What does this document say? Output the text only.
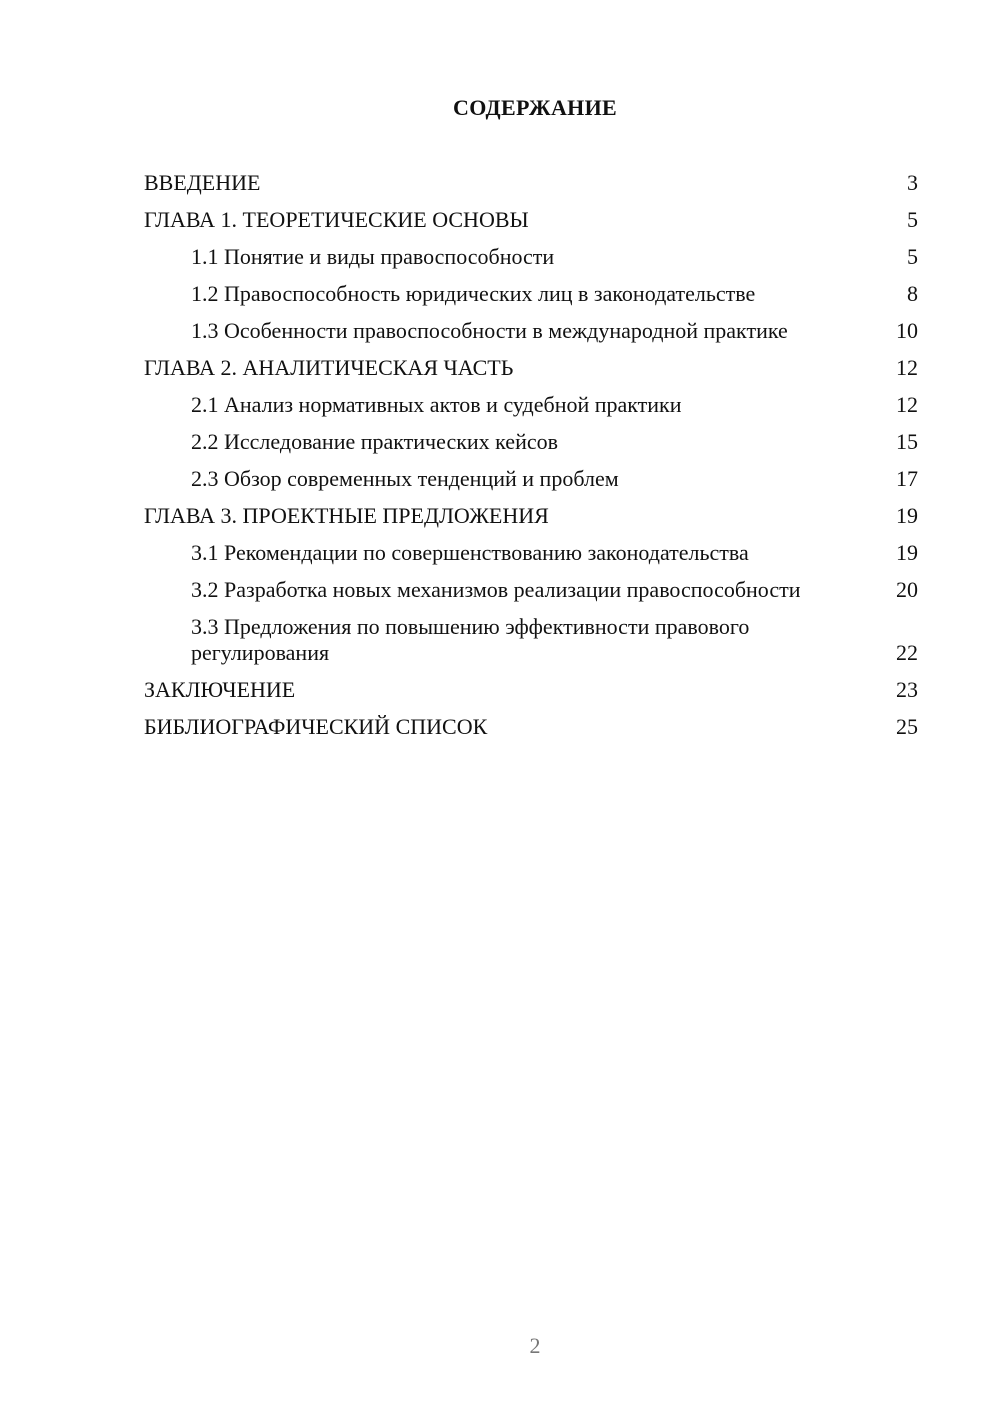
СОДЕРЖАНИЕ
ВВЕДЕНИЕ	3
ГЛАВА 1. ТЕОРЕТИЧЕСКИЕ ОСНОВЫ	5
1.1 Понятие и виды правоспособности	5
1.2 Правоспособность юридических лиц в законодательстве	8
1.3 Особенности правоспособности в международной практике	10
ГЛАВА 2. АНАЛИТИЧЕСКАЯ ЧАСТЬ	12
2.1 Анализ нормативных актов и судебной практики	12
2.2 Исследование практических кейсов	15
2.3 Обзор современных тенденций и проблем	17
ГЛАВА 3. ПРОЕКТНЫЕ ПРЕДЛОЖЕНИЯ	19
3.1 Рекомендации по совершенствованию законодательства	19
3.2 Разработка новых механизмов реализации правоспособности	20
3.3 Предложения по повышению эффективности правового регулирования	22
ЗАКЛЮЧЕНИЕ	23
БИБЛИОГРАФИЧЕСКИЙ СПИСОК	25
2
